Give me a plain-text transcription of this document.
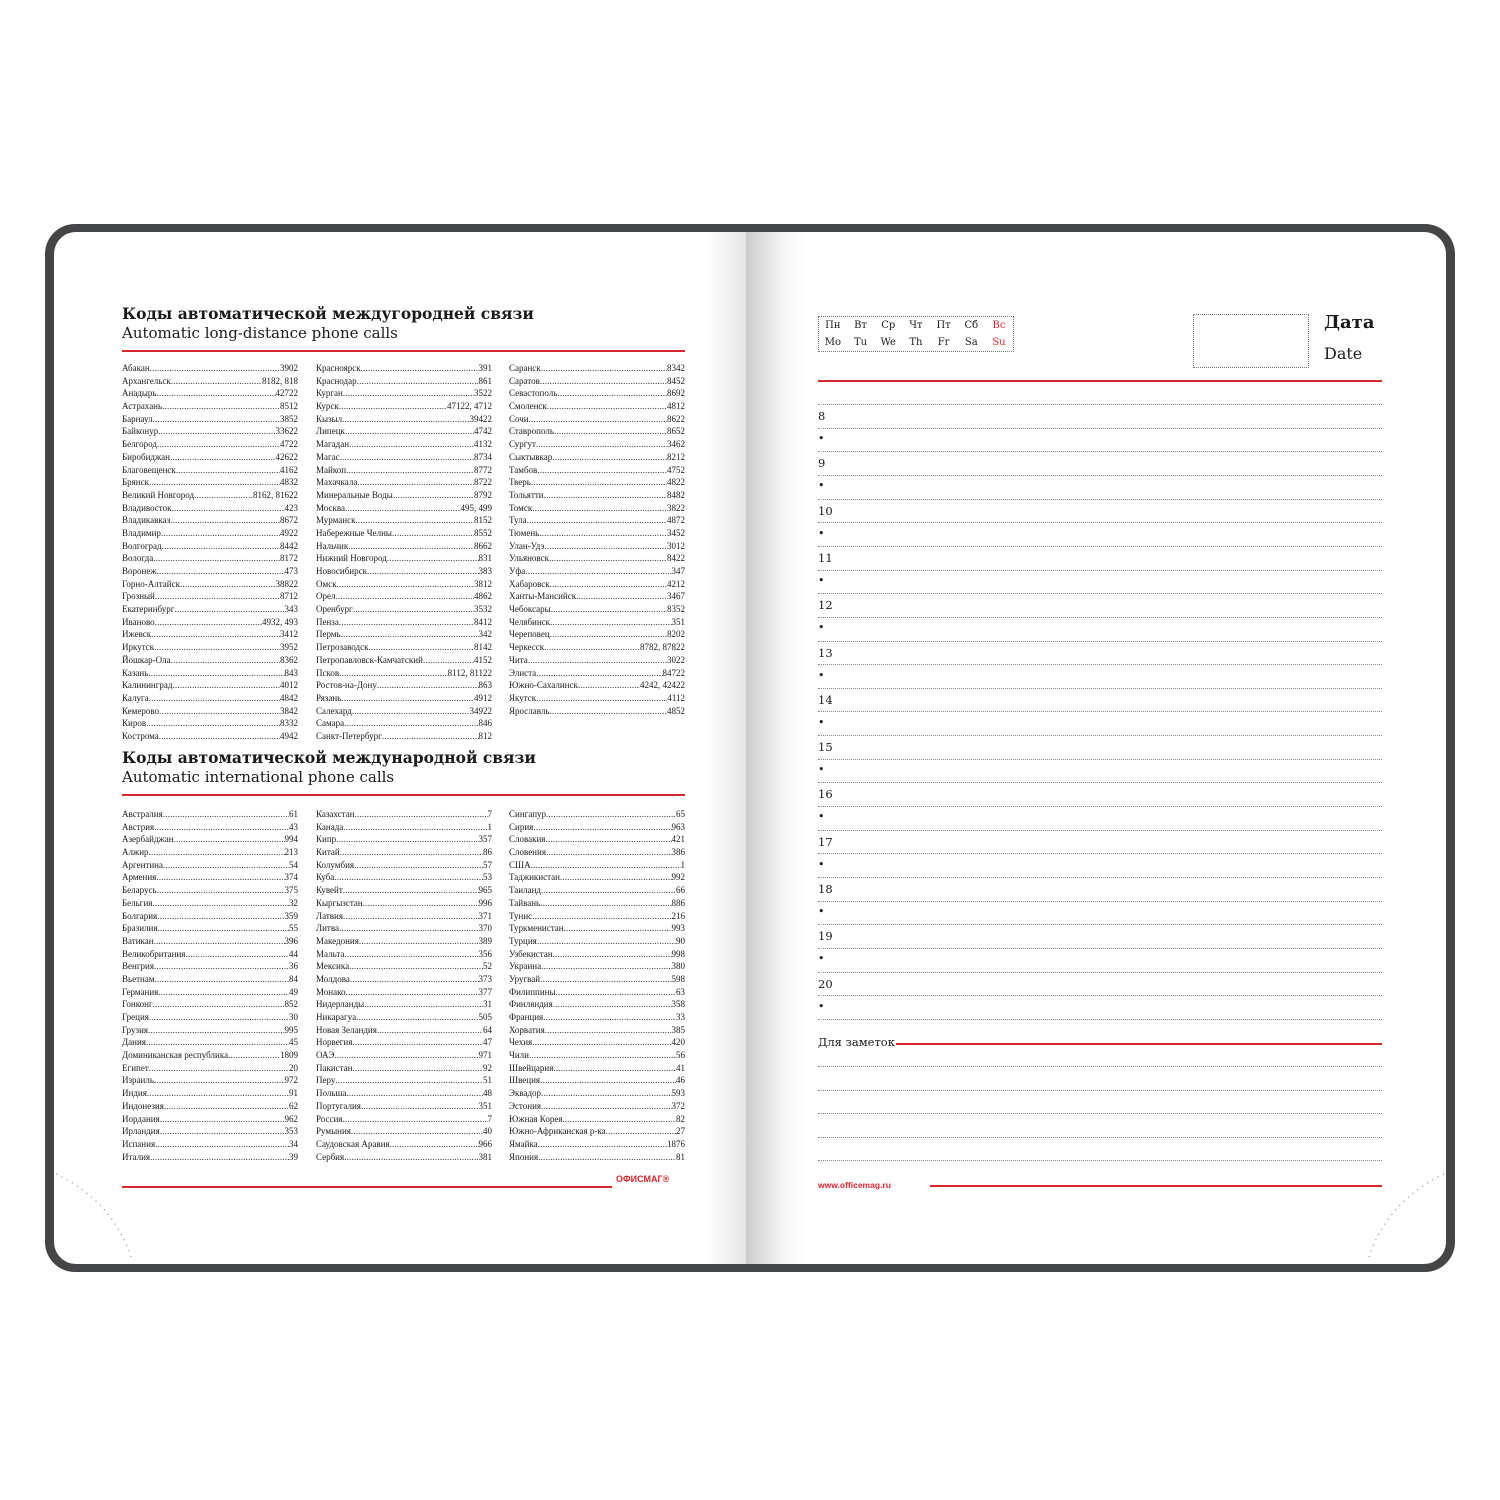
Коды автоматической междугородней связи
Automatic long-distance phone calls
Абакан .....	3902
Архангельск .....	8182, 818
Анадырь .....	42722
Астрахань .....	8512
Барнаул .....	3852
Байконур .....	33622
Белгород .....	4722
Биробиджан .....	42622
Благовещенск .....	4162
Брянск .....	4832
Великий Новгород .....	8162, 81622
Владивосток .....	423
Владикавказ .....	8672
Владимир .....	4922
Волгоград .....	8442
Вологда .....	8172
Воронеж .....	473
Горно-Алтайск .....	38822
Грозный .....	8712
Екатеринбург .....	343
Иваново .....	4932, 493
Ижевск .....	3412
Иркутск .....	3952
Йошкар-Ола .....	8362
Казань .....	843
Калининград .....	4012
Калуга .....	4842
Кемерово .....	3842
Киров .....	8332
Кострома .....	4942
Красноярск .....	391
Краснодар .....	861
Курган .....	3522
Курск .....	47122, 4712
Кызыл .....	39422
Липецк .....	4742
Магадан .....	4132
Магас .....	8734
Майкоп .....	8772
Махачкала .....	8722
Минеральные Воды .....	8792
Москва .....	495, 499
Мурманск .....	8152
Набережные Челны .....	8552
Нальчик .....	8662
Нижний Новгород .....	831
Новосибирск .....	383
Омск .....	3812
Орел .....	4862
Оренбург .....	3532
Пенза .....	8412
Пермь .....	342
Петрозаводск .....	8142
Петропавловск-Камчатский .....	4152
Псков .....	8112, 81122
Ростов-на-Дону .....	863
Рязань .....	4912
Салехард .....	34922
Самара .....	846
Санкт-Петербург .....	812
Саранск .....	8342
Саратов .....	8452
Севастополь .....	8692
Смоленск .....	4812
Сочи .....	8622
Ставрополь .....	8652
Сургут .....	3462
Сыктывкар .....	8212
Тамбов .....	4752
Тверь .....	4822
Тольятти .....	8482
Томск .....	3822
Тула .....	4872
Тюмень .....	3452
Улан-Удэ .....	3012
Ульяновск .....	8422
Уфа .....	347
Хабаровск .....	4212
Ханты-Мансийск .....	3467
Чебоксары .....	8352
Челябинск .....	351
Череповец .....	8202
Черкесск .....	8782, 87822
Чита .....	3022
Элиста .....	84722
Южно-Сахалинск .....	4242, 42422
Якутск .....	4112
Ярославль .....	4852
Коды автоматической международной связи
Automatic international phone calls
Австралия .....	61
Австрия .....	43
Азербайджан .....	994
Алжир .....	213
Аргентина .....	54
Армения .....	374
Беларусь .....	375
Бельгия .....	32
Болгария .....	359
Бразилия .....	55
Ватикан .....	396
Великобритания .....	44
Венгрия .....	36
Вьетнам .....	84
Германия .....	49
Гонконг .....	852
Греция .....	30
Грузия .....	995
Дания .....	45
Доминиканская республика .....	1809
Египет .....	20
Израиль .....	972
Индия .....	91
Индонезия .....	62
Иордания .....	962
Ирландия .....	353
Испания .....	34
Италия .....	39
Казахстан .....	7
Канада .....	1
Кипр .....	357
Китай .....	86
Колумбия .....	57
Куба .....	53
Кувейт .....	965
Кыргызстан .....	996
Латвия .....	371
Литва .....	370
Македония .....	389
Мальта .....	356
Мексика .....	52
Молдова .....	373
Монако .....	377
Нидерланды .....	31
Никарагуа .....	505
Новая Зеландия .....	64
Норвегия .....	47
ОАЭ .....	971
Пакистан .....	92
Перу .....	51
Польша .....	48
Португалия .....	351
Россия .....	7
Румыния .....	40
Саудовская Аравия .....	966
Сербия .....	381
Сингапур .....	65
Сирия .....	963
Словакия .....	421
Словения .....	386
США .....	1
Таджикистан .....	992
Таиланд .....	66
Тайвань .....	886
Тунис .....	216
Туркменистан .....	993
Турция .....	90
Узбекистан .....	998
Украина .....	380
Уругвай .....	598
Филиппины .....	63
Финляндия .....	358
Франция .....	33
Хорватия .....	385
Чехия .....	420
Чили .....	56
Швейцария .....	41
Швеция .....	46
Эквадор .....	593
Эстония .....	372
Южная Корея .....	82
Южно-Африканская р-ка .....	27
Ямайка .....	1876
Япония .....	81
ОФИСМАГ®
Пн	Вт	Ср	Чт	Пт	Сб	Вс
Mo	Tu	We	Th	Fr	Sa	Su
Дата
Date
8
•
9
•
10
•
11
•
12
•
13
•
14
•
15
•
16
•
17
•
18
•
19
•
20
•
Для заметок
www.officemag.ru
